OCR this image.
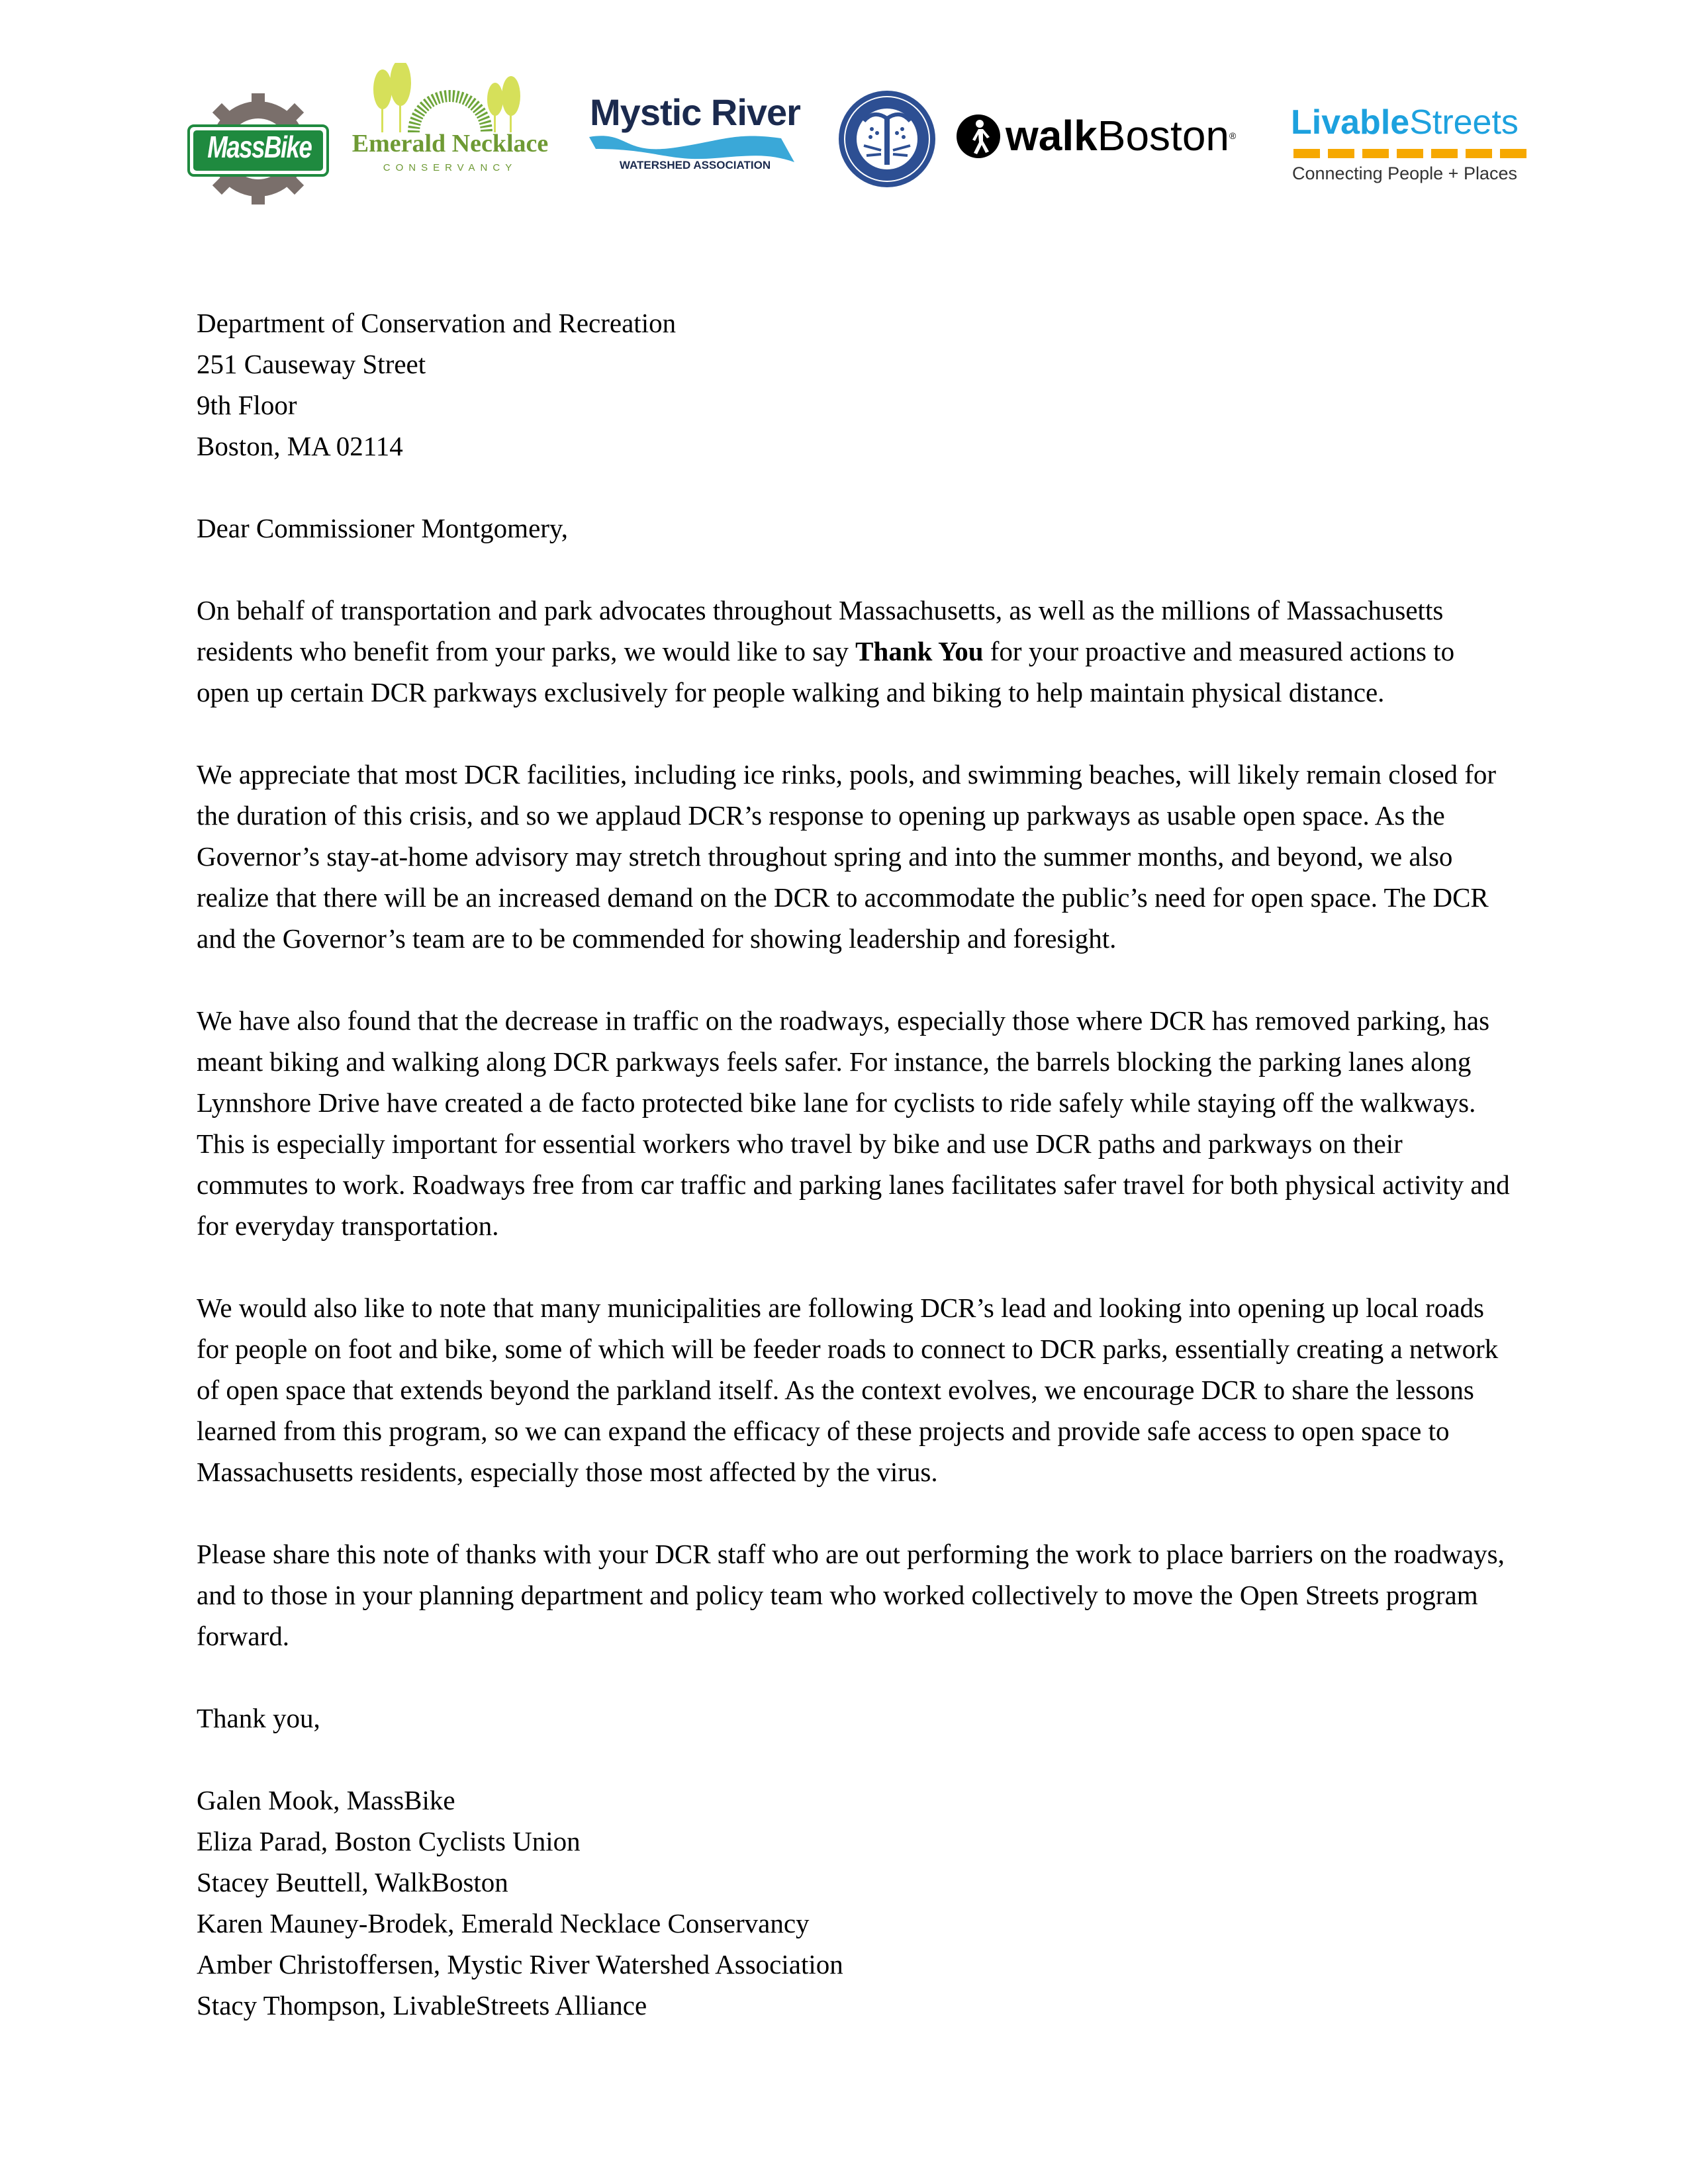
MassBike Emerald Necklace
CONSERVANCY
Mystic River
WATERSHED ASSOCIATION
walkBoston® LivableStreets
Connecting People + Places

Department of Conservation and Recreation
251 Causeway Street
9th Floor
Boston, MA 02114

Dear Commissioner Montgomery,

On behalf of transportation and park advocates throughout Massachusetts, as well as the millions of Massachusetts residents who benefit from your parks, we would like to say Thank You for your proactive and measured actions to open up certain DCR parkways exclusively for people walking and biking to help maintain physical distance.

We appreciate that most DCR facilities, including ice rinks, pools, and swimming beaches, will likely remain closed for the duration of this crisis, and so we applaud DCR’s response to opening up parkways as usable open space. As the Governor’s stay-at-home advisory may stretch throughout spring and into the summer months, and beyond, we also realize that there will be an increased demand on the DCR to accommodate the public’s need for open space. The DCR and the Governor’s team are to be commended for showing leadership and foresight.

We have also found that the decrease in traffic on the roadways, especially those where DCR has removed parking, has meant biking and walking along DCR parkways feels safer. For instance, the barrels blocking the parking lanes along Lynnshore Drive have created a de facto protected bike lane for cyclists to ride safely while staying off the walkways. This is especially important for essential workers who travel by bike and use DCR paths and parkways on their commutes to work. Roadways free from car traffic and parking lanes facilitates safer travel for both physical activity and for everyday transportation.

We would also like to note that many municipalities are following DCR’s lead and looking into opening up local roads for people on foot and bike, some of which will be feeder roads to connect to DCR parks, essentially creating a network of open space that extends beyond the parkland itself. As the context evolves, we encourage DCR to share the lessons learned from this program, so we can expand the efficacy of these projects and provide safe access to open space to Massachusetts residents, especially those most affected by the virus.

Please share this note of thanks with your DCR staff who are out performing the work to place barriers on the roadways, and to those in your planning department and policy team who worked collectively to move the Open Streets program forward.

Thank you,

Galen Mook, MassBike
Eliza Parad, Boston Cyclists Union
Stacey Beuttell, WalkBoston
Karen Mauney-Brodek, Emerald Necklace Conservancy
Amber Christoffersen, Mystic River Watershed Association
Stacy Thompson, LivableStreets Alliance
